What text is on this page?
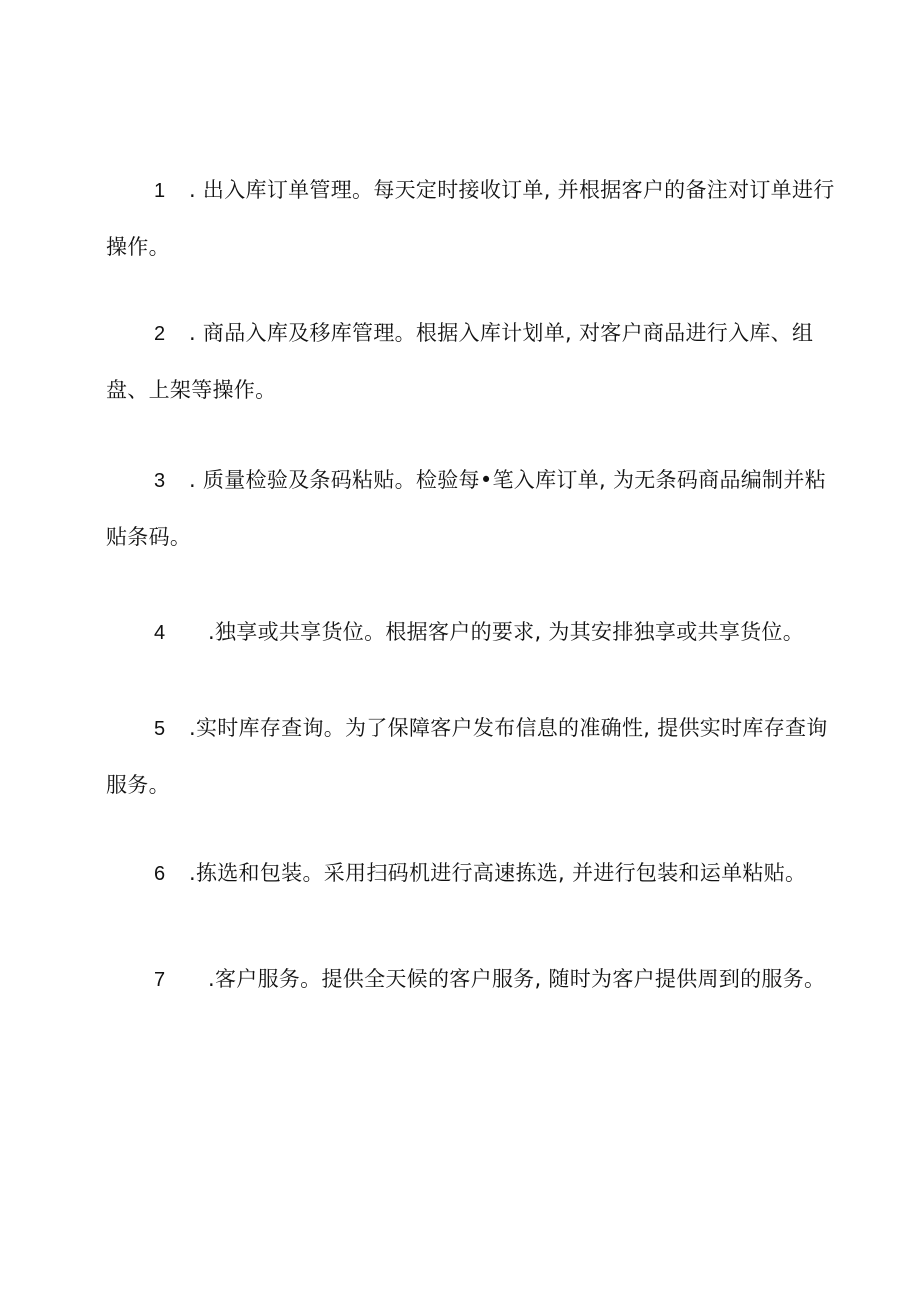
1 . 出入库订单管理。每天定时接收订单, 并根据客户的备注对订单进行操作。

2 . 商品入库及移库管理。根据入库计划单, 对客户商品进行入库、组盘、上架等操作。

3 . 质量检验及条码粘贴。检验每•笔入库订单, 为无条码商品编制并粘贴条码。

4 .独享或共享货位。根据客户的要求, 为其安排独享或共享货位。

5 .实时库存查询。为了保障客户发布信息的准确性, 提供实时库存查询服务。

6 .拣选和包装。采用扫码机进行高速拣选, 并进行包装和运单粘贴。

7 .客户服务。提供全天候的客户服务, 随时为客户提供周到的服务。
